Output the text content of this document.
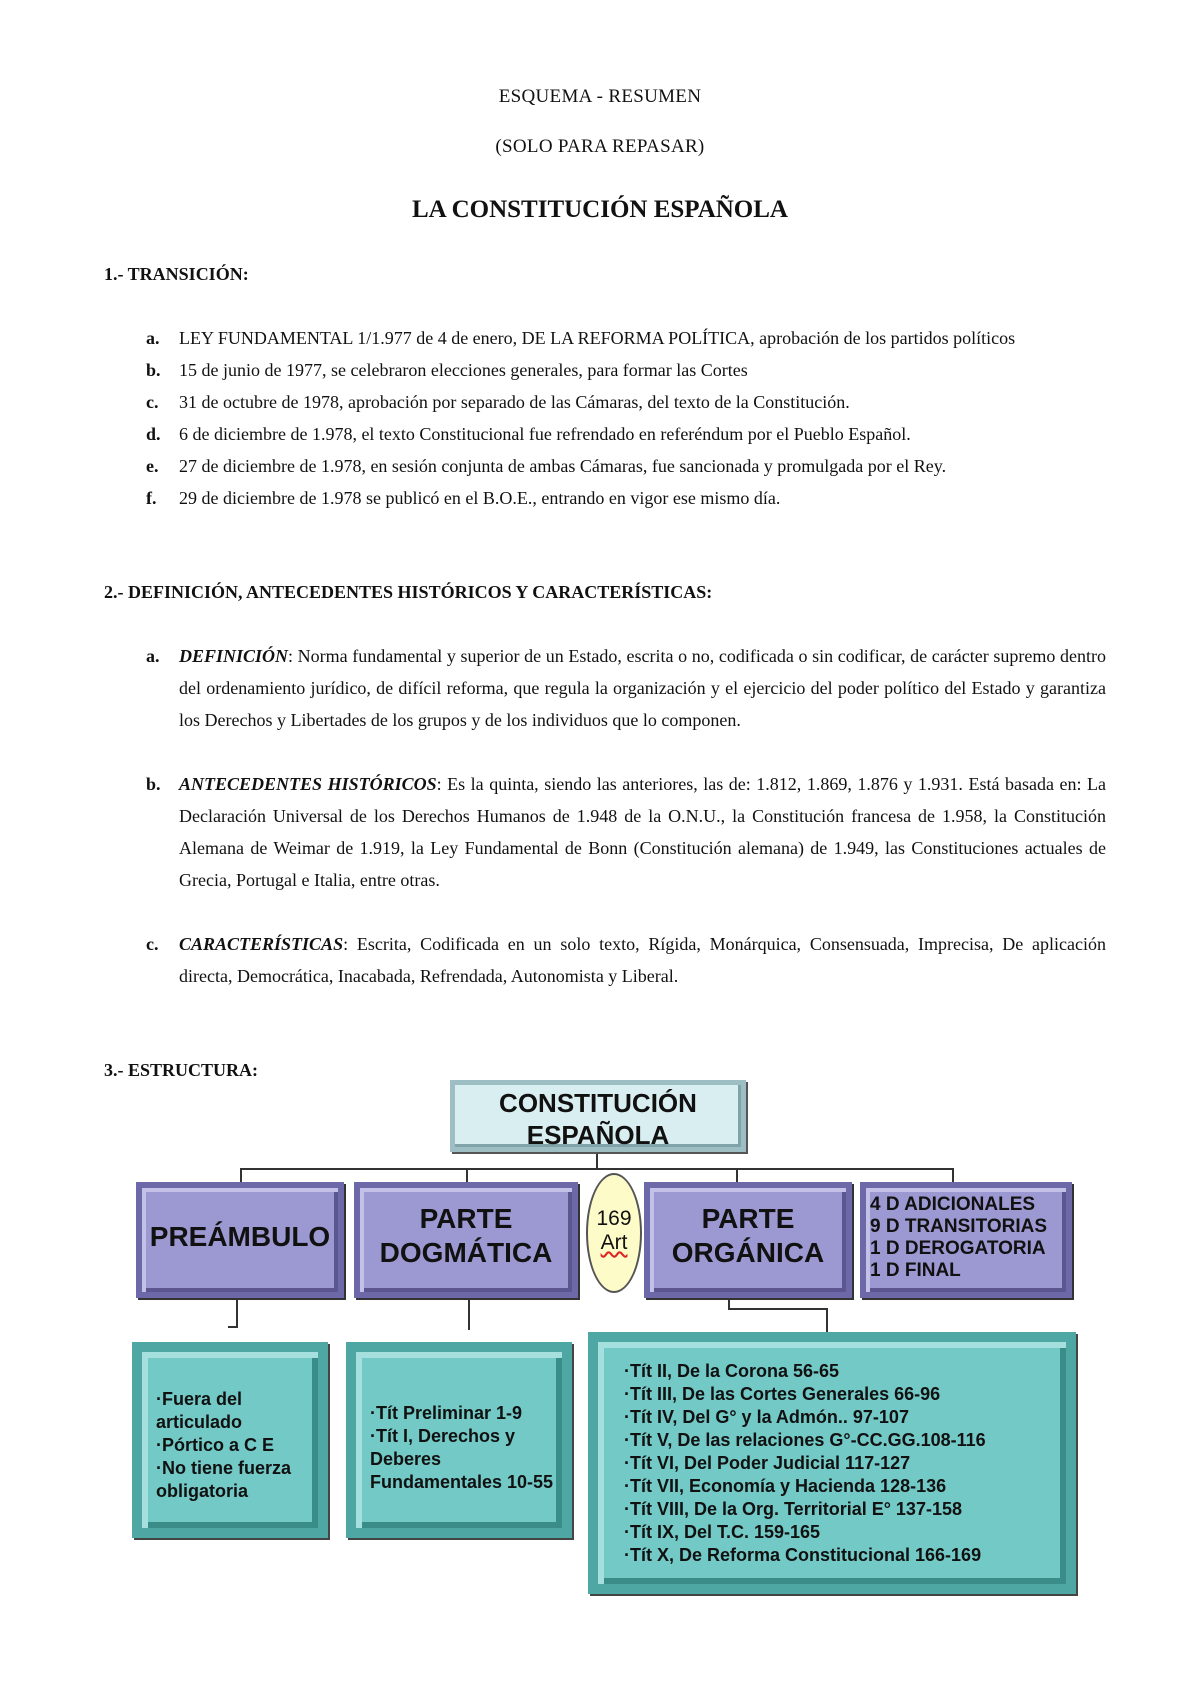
ESQUEMA - RESUMEN
(SOLO PARA REPASAR)
LA CONSTITUCIÓN ESPAÑOLA
1.- TRANSICIÓN:
a. LEY FUNDAMENTAL 1/1.977 de 4 de enero, DE LA REFORMA POLÍTICA, aprobación de los partidos políticos
b. 15 de junio de 1977, se celebraron elecciones generales, para formar las Cortes
c. 31 de octubre de 1978, aprobación por separado de las Cámaras, del texto de la Constitución.
d. 6 de diciembre de 1.978, el texto Constitucional fue refrendado en referéndum por el Pueblo Español.
e. 27 de diciembre de 1.978, en sesión conjunta de ambas Cámaras, fue sancionada y promulgada por el Rey.
f. 29 de diciembre de 1.978 se publicó en el B.O.E., entrando en vigor ese mismo día.
2.- DEFINICIÓN, ANTECEDENTES HISTÓRICOS Y CARACTERÍSTICAS:
a. DEFINICIÓN: Norma fundamental y superior de un Estado, escrita o no, codificada o sin codificar, de carácter supremo dentro del ordenamiento jurídico, de difícil reforma, que regula la organización y el ejercicio del poder político del Estado y garantiza los Derechos y Libertades de los grupos y de los individuos que lo componen.
b. ANTECEDENTES HISTÓRICOS: Es la quinta, siendo las anteriores, las de: 1.812, 1.869, 1.876 y 1.931. Está basada en: La Declaración Universal de los Derechos Humanos de 1.948 de la O.N.U., la Constitución francesa de 1.958, la Constitución Alemana de Weimar de 1.919, la Ley Fundamental de Bonn (Constitución alemana) de 1.949, las Constituciones actuales de Grecia, Portugal e Italia, entre otras.
c. CARACTERÍSTICAS: Escrita, Codificada en un solo texto, Rígida, Monárquica, Consensuada, Imprecisa, De aplicación directa, Democrática, Inacabada, Refrendada, Autonomista y Liberal.
3.- ESTRUCTURA:
CONSTITUCIÓN
ESPAÑOLA
PREÁMBULO
PARTE
DOGMÁTICA
169
Art
PARTE
ORGÁNICA
4 D ADICIONALES
9 D TRANSITORIAS
1 D DEROGATORIA
1 D FINAL
·Fuera del
articulado
·Pórtico a C E
·No tiene fuerza
obligatoria
·Tít Preliminar 1-9
·Tít I, Derechos y
Deberes
Fundamentales 10-55
·Tít II, De la Corona 56-65
·Tít III, De las Cortes Generales 66-96
·Tít IV, Del G° y la Admón.. 97-107
·Tít V, De las relaciones G°-CC.GG.108-116
·Tít VI, Del Poder Judicial 117-127
·Tít VII, Economía y Hacienda 128-136
·Tít VIII, De la Org. Territorial E° 137-158
·Tít IX, Del T.C. 159-165
·Tít X, De Reforma Constitucional 166-169
